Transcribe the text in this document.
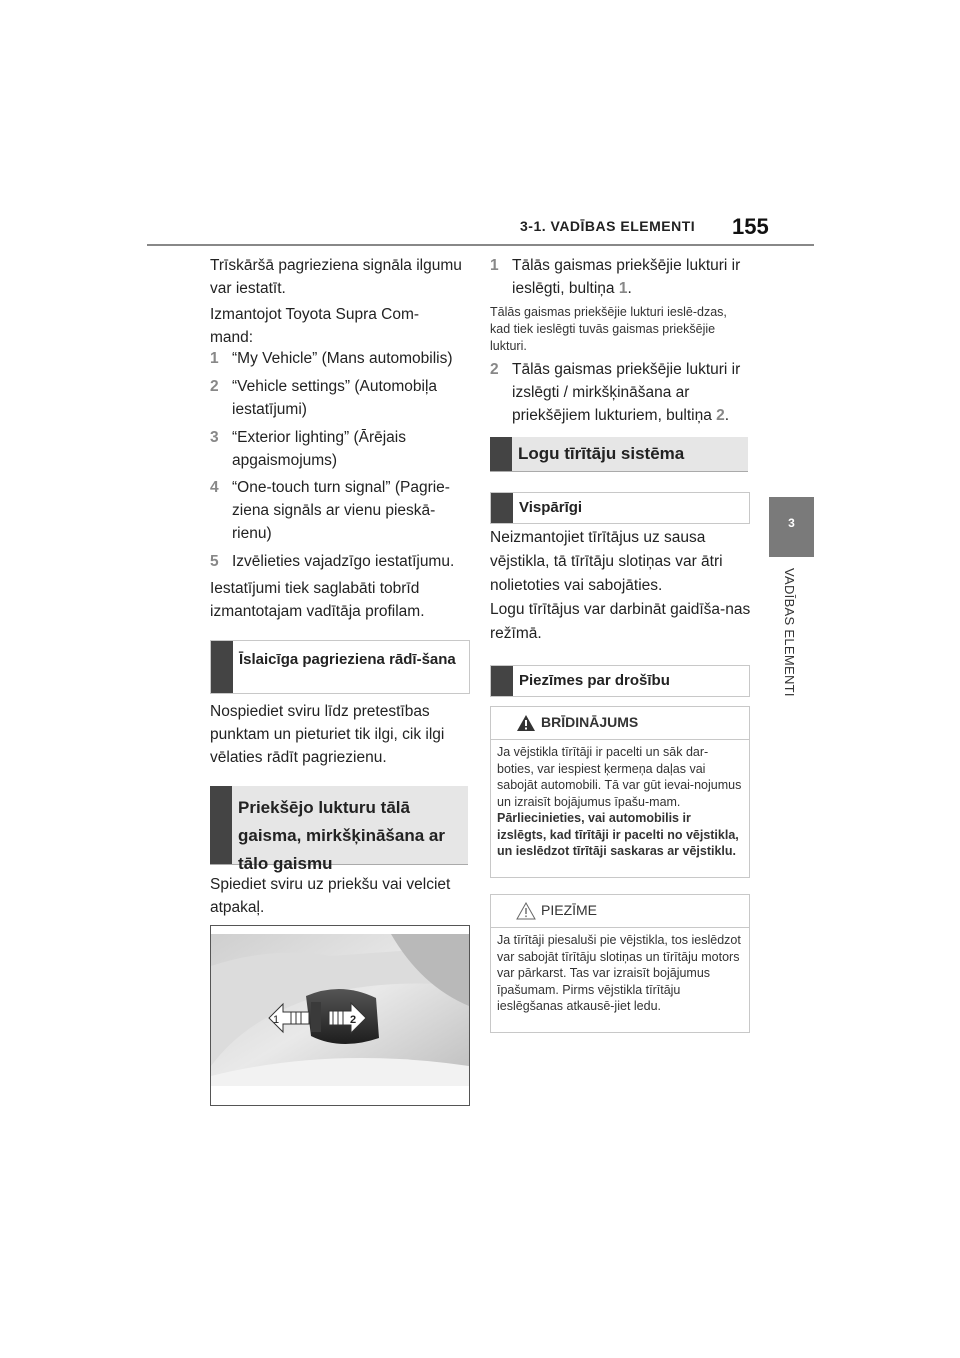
3-1. VADĪBAS ELEMENTI 155
3
VADĪBAS ELEMENTI
Trīskāršā pagrieziena signāla ilgumu var iestatīt.
Izmantojot Toyota Supra Com-mand:
1 “My Vehicle” (Mans automobilis)
2 “Vehicle settings” (Automobiļa iestatījumi)
3 “Exterior lighting” (Ārējais apgaismojums)
4 “One-touch turn signal” (Pagrie-ziena signāls ar vienu pieskā-rienu)
5 Izvēlieties vajadzīgo iestatījumu.
Iestatījumi tiek saglabāti tobrīd izmantotajam vadītāja profilam.
Īslaicīga pagrieziena rādī-šana
Nospiediet sviru līdz pretestības punktam un pieturiet tik ilgi, cik ilgi vēlaties rādīt pagriezienu.
Priekšējo lukturu tālā gaisma, mirkšķināšana ar tālo gaismu
Spiediet sviru uz priekšu vai velciet atpakaļ.
1	2
1 Tālās gaismas priekšējie lukturi ir ieslēgti, bultiņa 1.
Tālās gaismas priekšējie lukturi ieslē-dzas, kad tiek ieslēgti tuvās gaismas priekšējie lukturi.
2 Tālās gaismas priekšējie lukturi ir izslēgti / mirkšķināšana ar priekšējiem lukturiem, bultiņa 2.
Logu tīrītāju sistēma
Vispārīgi
Neizmantojiet tīrītājus uz sausa vējstikla, tā tīrītāju slotiņas var ātri nolietoties vai sabojāties.
Logu tīrītājus var darbināt gaidīša-nas režīmā.
Piezīmes par drošību
BRĪDINĀJUMS
Ja vējstikla tīrītāji ir pacelti un sāk dar-boties, var iespiest ķermeņa daļas vai sabojāt automobili. Tā var gūt ievai-nojumus un izraisīt bojājumus īpašu-mam. Pārliecinieties, vai automobilis ir izslēgts, kad tīrītāji ir pacelti no vējstikla, un ieslēdzot tīrītāji saskaras ar vējstiklu.
PIEZĪME
Ja tīrītāji piesaluši pie vējstikla, tos ieslēdzot var sabojāt tīrītāju slotiņas un tīrītāju motors var pārkarst. Tas var izraisīt bojājumus īpašumam. Pirms vējstikla tīrītāju ieslēgšanas atkausē-jiet ledu.
